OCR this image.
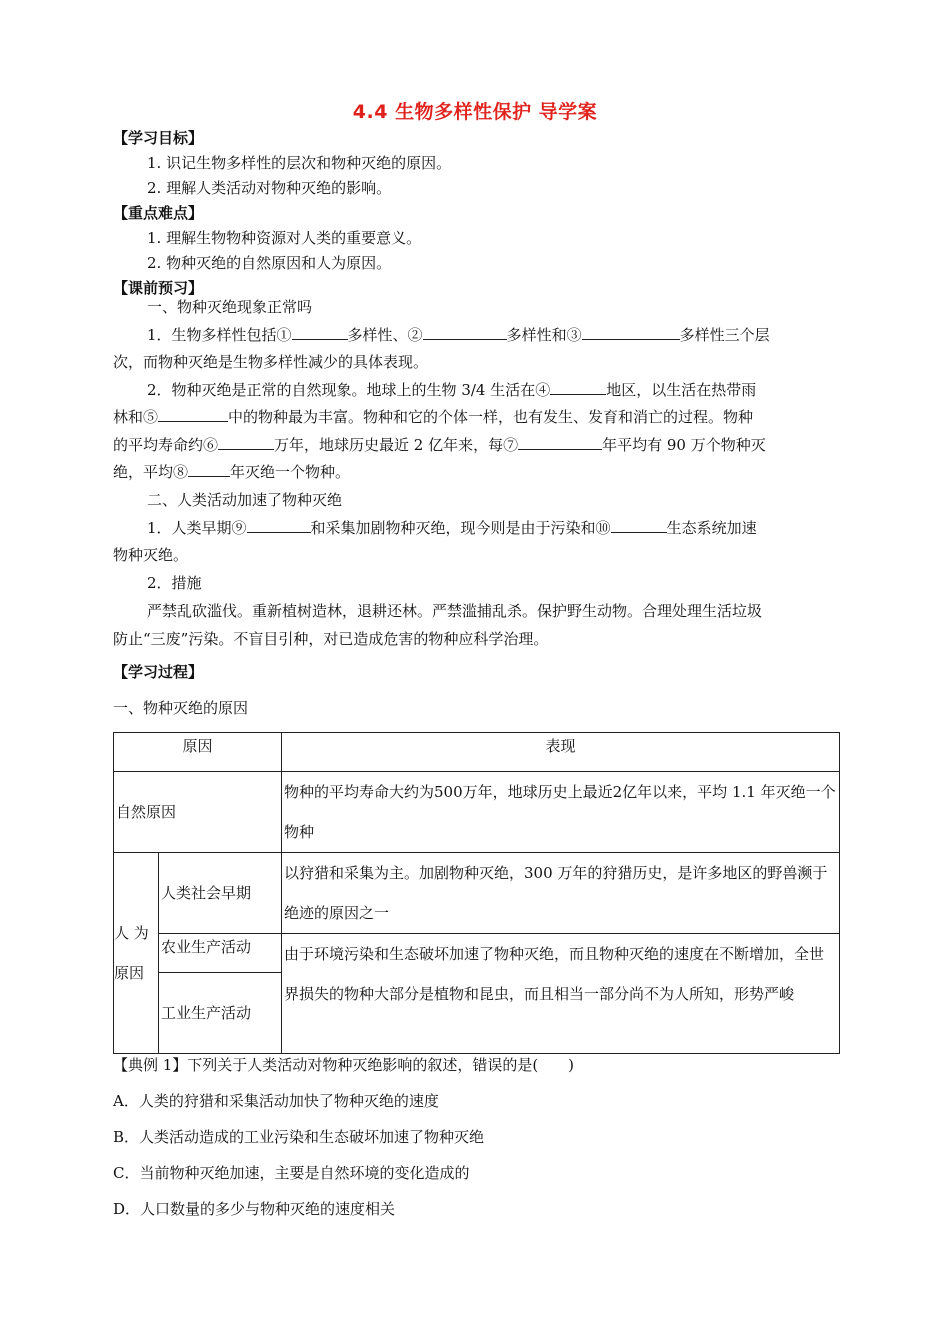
4.4 生物多样性保护 导学案
【学习目标】
1. 识记生物多样性的层次和物种灭绝的原因。
2. 理解人类活动对物种灭绝的影响。
【重点难点】
1. 理解生物物种资源对人类的重要意义。
2. 物种灭绝的自然原因和人为原因。
【课前预习】
一、物种灭绝现象正常吗
1．生物多样性包括①	多样性、②	多样性和③	多样性三个层
次，而物种灭绝是生物多样性减少的具体表现。
2．物种灭绝是正常的自然现象。地球上的生物 3/4 生活在④	地区，以生活在热带雨
林和⑤	中的物种最为丰富。物种和它的个体一样，也有发生、发育和消亡的过程。物种
的平均寿命约⑥	万年，地球历史最近 2 亿年来，每⑦	年平均有 90 万个物种灭
绝，平均⑧	年灭绝一个物种。
二、人类活动加速了物种灭绝
1．人类早期⑨	和采集加剧物种灭绝，现今则是由于污染和⑩	生态系统加速
物种灭绝。
2．措施
严禁乱砍滥伐。重新植树造林，退耕还林。严禁滥捕乱杀。保护野生动物。合理处理生活垃圾
防止“三废”污染。不盲目引种，对已造成危害的物种应科学治理。
【学习过程】
一、物种灭绝的原因
原因		表现
自然原因		物种的平均寿命大约为500万年，地球历史上最近2亿年以来，平均 1.1 年灭绝一个物种
人 为原因	人类社会早期	以狩猎和采集为主。加剧物种灭绝，300 万年的狩猎历史，是许多地区的野兽濒于绝迹的原因之一
	农业生产活动	由于环境污染和生态破坏加速了物种灭绝，而且物种灭绝的速度在不断增加，全世界损失的物种大部分是植物和昆虫，而且相当一部分尚不为人所知，形势严峻
	工业生产活动	
【典例 1】下列关于人类活动对物种灭绝影响的叙述，错误的是(　　)
A．人类的狩猎和采集活动加快了物种灭绝的速度
B．人类活动造成的工业污染和生态破坏加速了物种灭绝
C．当前物种灭绝加速，主要是自然环境的变化造成的
D．人口数量的多少与物种灭绝的速度相关
